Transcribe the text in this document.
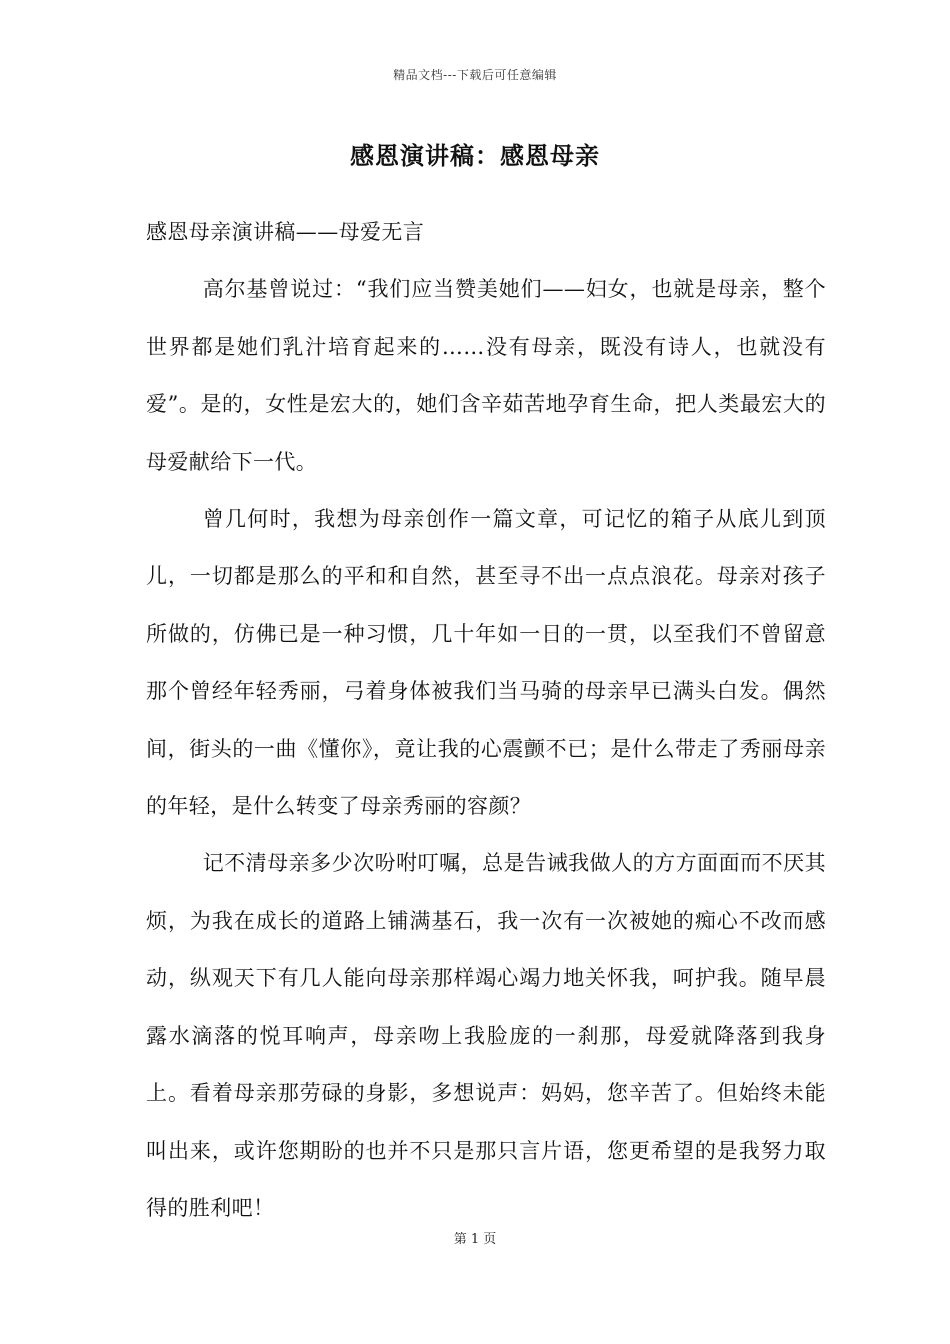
精品文档---下载后可任意编辑
感恩演讲稿：感恩母亲

感恩母亲演讲稿——母爱无言

高尔基曾说过：“我们应当赞美她们——妇女，也就是母亲，整个世界都是她们乳汁培育起来的……没有母亲，既没有诗人，也就没有爱”。是的，女性是宏大的，她们含辛茹苦地孕育生命，把人类最宏大的母爱献给下一代。

曾几何时，我想为母亲创作一篇文章，可记忆的箱子从底儿到顶儿，一切都是那么的平和和自然，甚至寻不出一点点浪花。母亲对孩子所做的，仿佛已是一种习惯，几十年如一日的一贯，以至我们不曾留意那个曾经年轻秀丽，弓着身体被我们当马骑的母亲早已满头白发。偶然间，街头的一曲《懂你》，竟让我的心震颤不已；是什么带走了秀丽母亲的年轻，是什么转变了母亲秀丽的容颜？

记不清母亲多少次吩咐叮嘱，总是告诫我做人的方方面面而不厌其烦，为我在成长的道路上铺满基石，我一次有一次被她的痴心不改而感动，纵观天下有几人能向母亲那样竭心竭力地关怀我，呵护我。随早晨露水滴落的悦耳响声，母亲吻上我脸庞的一刹那，母爱就降落到我身上。看着母亲那劳碌的身影，多想说声：妈妈，您辛苦了。但始终未能叫出来，或许您期盼的也并不只是那只言片语，您更希望的是我努力取得的胜利吧！

第 1 页
